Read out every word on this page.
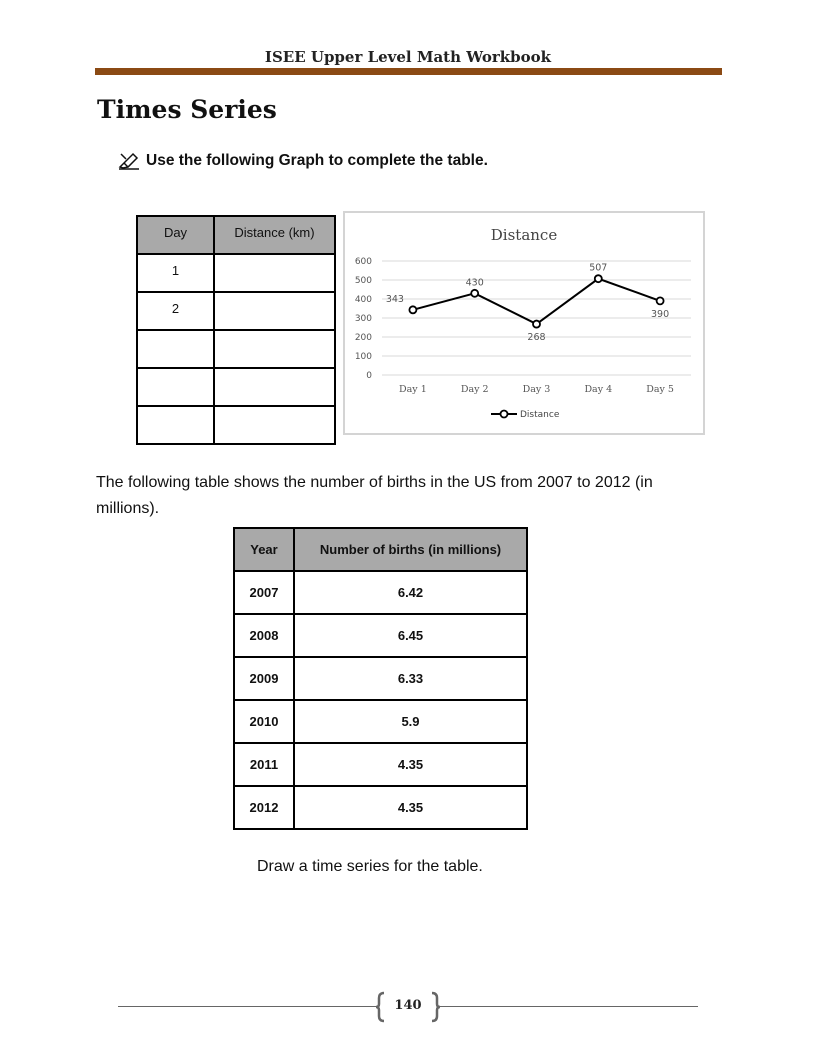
ISEE Upper Level Math Workbook
Times Series
Use the following Graph to complete the table.
Day	Distance (km)
1	
2	

Distance
0
100
200
300
400
500
600
Day 1	Day 2	Day 3	Day 4	Day 5
343
430
268
507
390
Distance
The following table shows the number of births in the US from 2007 to 2012 (in millions).
Year	Number of births (in millions)
2007	6.42
2008	6.45
2009	6.33
2010	5.9
2011	4.35
2012	4.35
Draw a time series for the table.
140
